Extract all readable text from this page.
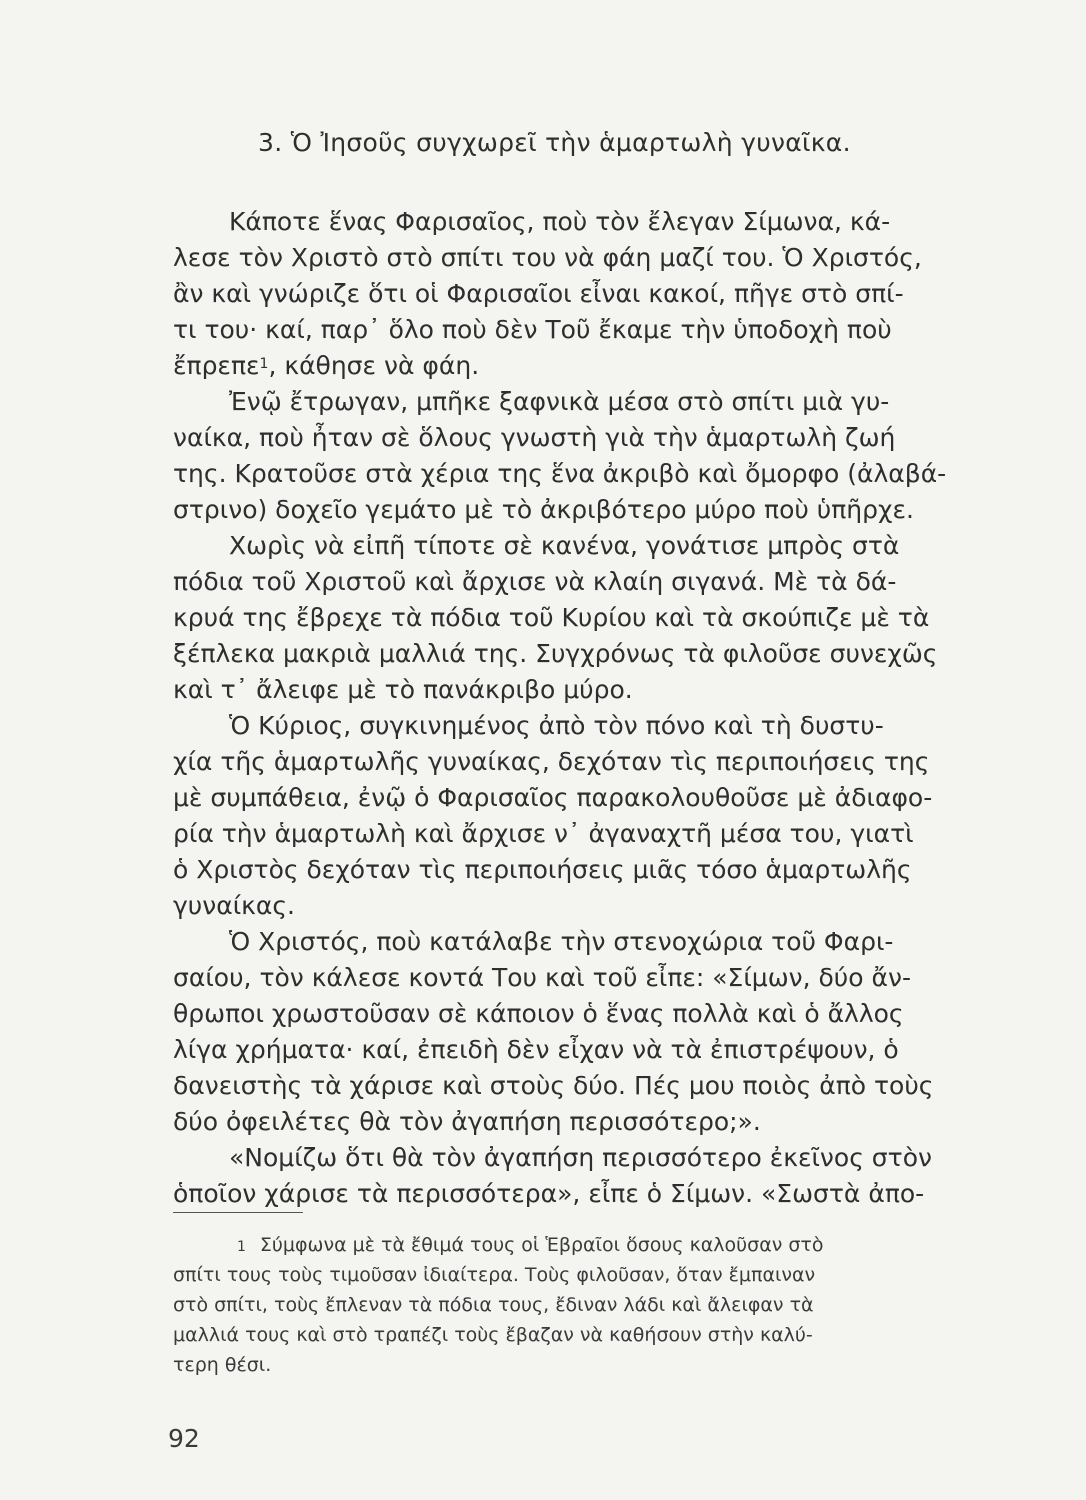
3. Ὁ Ἰησοῦς συγχωρεῖ τὴν ἁμαρτωλὴ γυναῖκα.
Κάποτε ἕνας Φαρισαῖος, ποὺ τὸν ἔλεγαν Σίμωνα, κά-
λεσε τὸν Χριστὸ στὸ σπίτι του νὰ φάη μαζί του. Ὁ Χριστός,
ἂν καὶ γνώριζε ὅτι οἱ Φαρισαῖοι εἶναι κακοί, πῆγε στὸ σπί-
τι του· καί, παρ᾽ ὅλο ποὺ δὲν Τοῦ ἔκαμε τὴν ὑποδοχὴ ποὺ
ἔπρεπε$^1$, κάθησε νὰ φάη.
Ἐνῷ ἔτρωγαν, μπῆκε ξαφνικὰ μέσα στὸ σπίτι μιὰ γυ-
ναίκα, ποὺ ἦταν σὲ ὅλους γνωστὴ γιὰ τὴν ἁμαρτωλὴ ζωή
της. Κρατοῦσε στὰ χέρια της ἕνα ἀκριβὸ καὶ ὄμορφο (ἀλαβά-
στρινο) δοχεῖο γεμάτο μὲ τὸ ἀκριβότερο μύρο ποὺ ὑπῆρχε.
Χωρὶς νὰ εἰπῆ τίποτε σὲ κανένα, γονάτισε μπρὸς στὰ
πόδια τοῦ Χριστοῦ καὶ ἄρχισε νὰ κλαίη σιγανά. Μὲ τὰ δά-
κρυά της ἔβρεχε τὰ πόδια τοῦ Κυρίου καὶ τὰ σκούπιζε μὲ τὰ
ξέπλεκα μακριὰ μαλλιά της. Συγχρόνως τὰ φιλοῦσε συνεχῶς
καὶ τ᾽ ἄλειφε μὲ τὸ πανάκριβο μύρο.
Ὁ Κύριος, συγκινημένος ἀπὸ τὸν πόνο καὶ τὴ δυστυ-
χία τῆς ἁμαρτωλῆς γυναίκας, δεχόταν τὶς περιποιήσεις της
μὲ συμπάθεια, ἐνῷ ὁ Φαρισαῖος παρακολουθοῦσε μὲ ἀδιαφο-
ρία τὴν ἁμαρτωλὴ καὶ ἄρχισε ν᾽ ἀγαναχτῆ μέσα του, γιατὶ
ὁ Χριστὸς δεχόταν τὶς περιποιήσεις μιᾶς τόσο ἁμαρτωλῆς
γυναίκας.
Ὁ Χριστός, ποὺ κατάλαβε τὴν στενοχώρια τοῦ Φαρι-
σαίου, τὸν κάλεσε κοντά Του καὶ τοῦ εἶπε: «Σίμων, δύο ἄν-
θρωποι χρωστοῦσαν σὲ κάποιον ὁ ἕνας πολλὰ καὶ ὁ ἄλλος
λίγα χρήματα· καί, ἐπειδὴ δὲν εἶχαν νὰ τὰ ἐπιστρέψουν, ὁ
δανειστὴς τὰ χάρισε καὶ στοὺς δύο. Πές μου ποιὸς ἀπὸ τοὺς
δύο ὀφειλέτες θὰ τὸν ἀγαπήση περισσότερο;».
«Νομίζω ὅτι θὰ τὸν ἀγαπήση περισσότερο ἐκεῖνος στὸν
ὁποῖον χάρισε τὰ περισσότερα», εἶπε ὁ Σίμων. «Σωστὰ ἀπο-
1 Σύμφωνα μὲ τὰ ἔθιμά τους οἱ Ἑβραῖοι ὅσους καλοῦσαν στὸ
σπίτι τους τοὺς τιμοῦσαν ἰδιαίτερα. Τοὺς φιλοῦσαν, ὅταν ἔμπαιναν
στὸ σπίτι, τοὺς ἔπλεναν τὰ πόδια τους, ἔδιναν λάδι καὶ ἄλειφαν τὰ
μαλλιά τους καὶ στὸ τραπέζι τοὺς ἔβαζαν νὰ καθήσουν στὴν καλύ-
τερη θέσι.
92
